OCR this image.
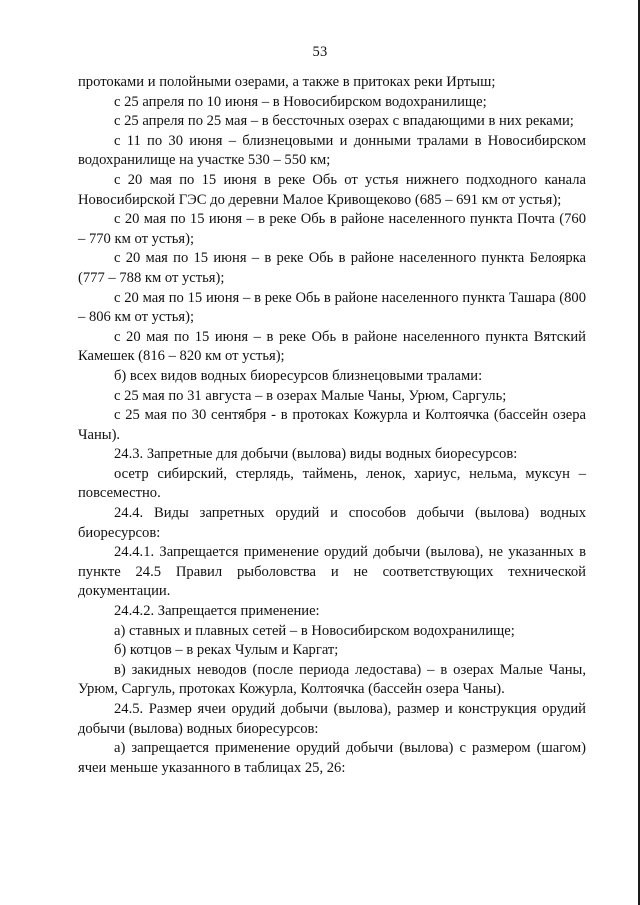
53

протоками и полойными озерами, а также в притоках реки Иртыш;

с 25 апреля по 10 июня – в Новосибирском водохранилище;

с 25 апреля по 25 мая – в бессточных озерах с впадающими в них реками;

с 11 по 30 июня – близнецовыми и донными тралами в Новосибирском водохранилище на участке 530 – 550 км;

с 20 мая по 15 июня в реке Обь от устья нижнего подходного канала Новосибирской ГЭС до деревни Малое Кривощеково (685 – 691 км от устья);

с 20 мая по 15 июня – в реке Обь в районе населенного пункта Почта (760 – 770 км от устья);

с 20 мая по 15 июня – в реке Обь в районе населенного пункта Белоярка (777 – 788 км от устья);

с 20 мая по 15 июня – в реке Обь в районе населенного пункта Ташара (800 – 806 км от устья);

с 20 мая по 15 июня – в реке Обь в районе населенного пункта Вятский Камешек (816 – 820 км от устья);

б) всех видов водных биоресурсов близнецовыми тралами:

с 25 мая по 31 августа – в озерах Малые Чаны, Урюм, Саргуль;

с 25 мая по 30 сентября - в протоках Кожурла и Колтоячка (бассейн озера Чаны).

24.3. Запретные для добычи (вылова) виды водных биоресурсов:

осетр сибирский, стерлядь, таймень, ленок, хариус, нельма, муксун – повсеместно.

24.4. Виды запретных орудий и способов добычи (вылова) водных биоресурсов:

24.4.1. Запрещается применение орудий добычи (вылова), не указанных в пункте 24.5 Правил рыболовства и не соответствующих технической документации.

24.4.2. Запрещается применение:

а) ставных и плавных сетей – в Новосибирском водохранилище;

б) котцов – в реках Чулым и Каргат;

в) закидных неводов (после периода ледостава) – в озерах Малые Чаны, Урюм, Саргуль, протоках Кожурла, Колтоячка (бассейн озера Чаны).

24.5. Размер ячеи орудий добычи (вылова), размер и конструкция орудий добычи (вылова) водных биоресурсов:

а) запрещается применение орудий добычи (вылова) с размером (шагом) ячеи меньше указанного в таблицах 25, 26:
